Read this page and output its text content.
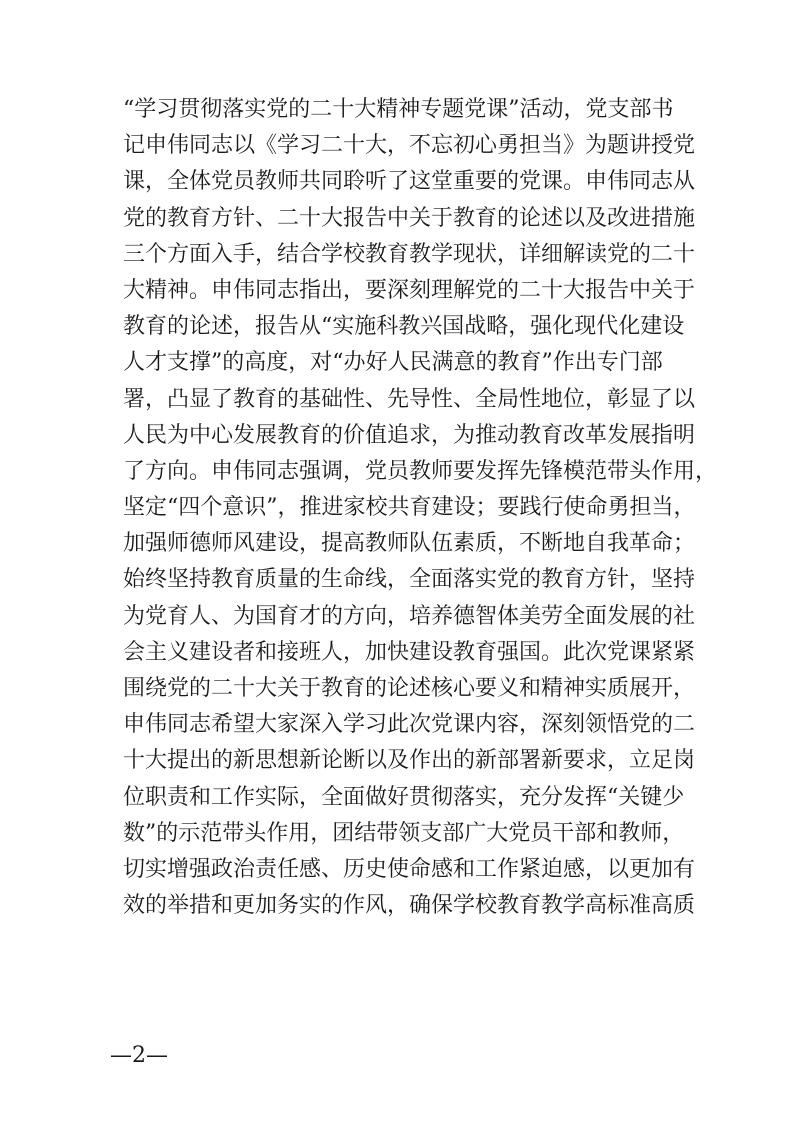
“学习贯彻落实党的二十大精神专题党课”活动，党支部书
记申伟同志以《学习二十大，不忘初心勇担当》为题讲授党
课，全体党员教师共同聆听了这堂重要的党课。申伟同志从
党的教育方针、二十大报告中关于教育的论述以及改进措施
三个方面入手，结合学校教育教学现状，详细解读党的二十
大精神。申伟同志指出，要深刻理解党的二十大报告中关于
教育的论述，报告从“实施科教兴国战略，强化现代化建设
人才支撑”的高度，对“办好人民满意的教育”作出专门部
署，凸显了教育的基础性、先导性、全局性地位，彰显了以
人民为中心发展教育的价值追求，为推动教育改革发展指明
了方向。申伟同志强调，党员教师要发挥先锋模范带头作用，
坚定“四个意识”，推进家校共育建设；要践行使命勇担当，
加强师德师风建设，提高教师队伍素质，不断地自我革命；
始终坚持教育质量的生命线，全面落实党的教育方针，坚持
为党育人、为国育才的方向，培养德智体美劳全面发展的社
会主义建设者和接班人，加快建设教育强国。此次党课紧紧
围绕党的二十大关于教育的论述核心要义和精神实质展开，
申伟同志希望大家深入学习此次党课内容，深刻领悟党的二
十大提出的新思想新论断以及作出的新部署新要求，立足岗
位职责和工作实际，全面做好贯彻落实，充分发挥“关键少
数”的示范带头作用，团结带领支部广大党员干部和教师，
切实增强政治责任感、历史使命感和工作紧迫感，以更加有
效的举措和更加务实的作风，确保学校教育教学高标准高质
—2—
